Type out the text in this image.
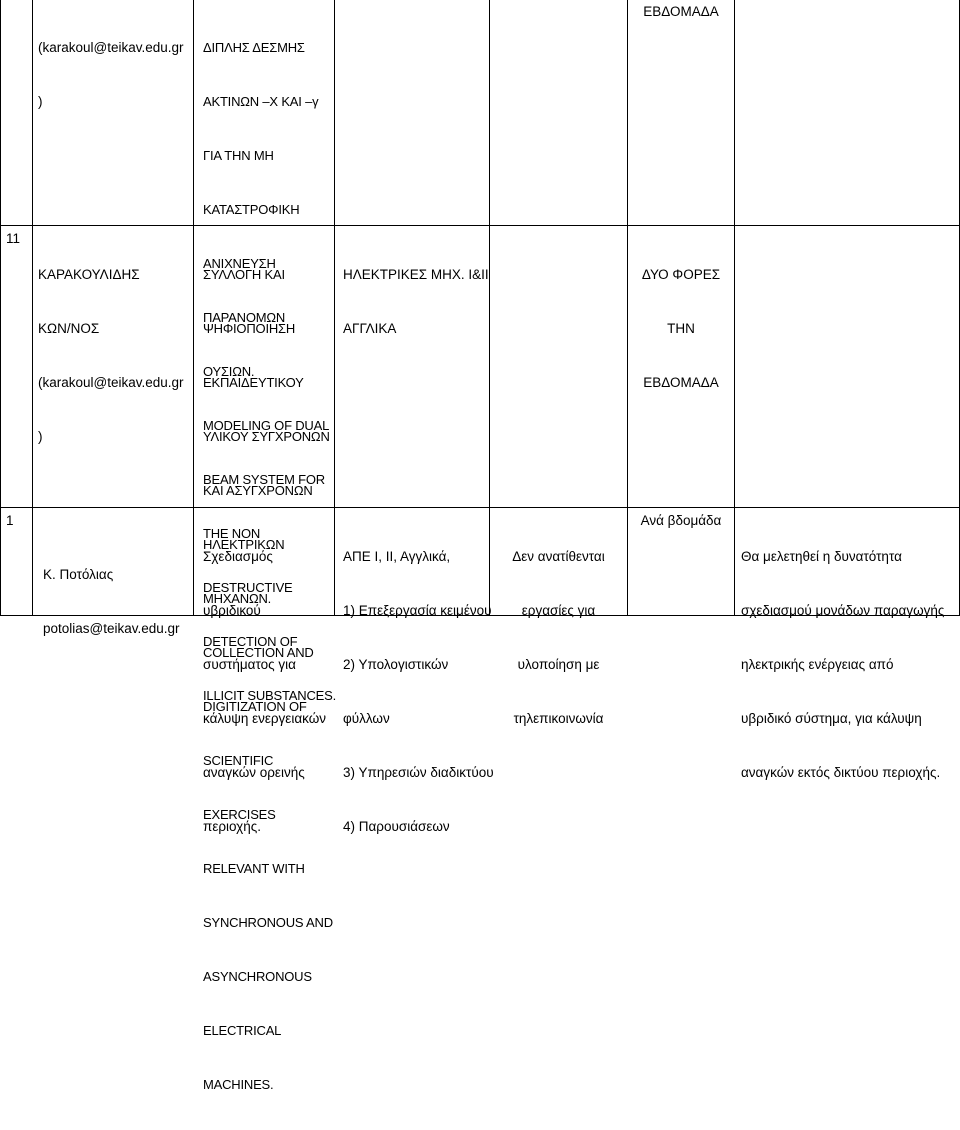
(karakoul@teikav.edu.gr

)

ΔΙΠΛΗΣ ΔΕΣΜΗΣ

ΑΚΤΙΝΩΝ –Χ ΚΑΙ –γ

ΓΙΑ ΤΗΝ ΜΗ

ΚΑΤΑΣΤΡΟΦΙΚΗ

ΑΝΙΧΝΕΥΣΗ

ΠΑΡΑΝΟΜΩΝ

ΟΥΣΙΩΝ.

MODELING OF DUAL

BEAM SYSTEM FOR

THE NON

DESTRUCTIVE

DETECTION OF

ILLICIT SUBSTANCES.

ΕΒΔΟΜΑΔΑ
11

ΚΑΡΑΚΟΥΛΙΔΗΣ

ΚΩΝ/ΝΟΣ

(karakoul@teikav.edu.gr

)

ΣΥΛΛΟΓΗ ΚΑΙ

ΨΗΦΙΟΠΟΙΗΣΗ

ΕΚΠΑΙΔΕΥΤΙΚΟΥ

ΥΛΙΚΟΥ ΣΥΓΧΡΟΝΩΝ

ΚΑΙ ΑΣΥΓΧΡΟΝΩΝ

ΗΛΕΚΤΡΙΚΩΝ

ΜΗΧΑΝΩΝ.

COLLECTION AND

DIGITIZATION OF

SCIENTIFIC

EXERCISES

RELEVANT WITH

SYNCHRONOUS AND

ASYNCHRONOUS

ELECTRICAL

MACHINES.

ΗΛΕΚΤΡΙΚΕΣ ΜΗΧ. Ι&ΙΙ

ΑΓΓΛΙΚΑ

ΔΥΟ ΦΟΡΕΣ

ΤΗΝ

ΕΒΔΟΜΑΔΑ

1

Κ. Ποτόλιας

potolias@teikav.edu.gr

Σχεδιασμός

υβριδικού

συστήματος για

κάλυψη ενεργειακών

αναγκών ορεινής

περιοχής.

ΑΠΕ Ι, ΙΙ, Αγγλικά,

1) Επεξεργασία κειμένου

2) Υπολογιστικών

φύλλων

3) Υπηρεσιών διαδικτύου

4) Παρουσιάσεων

Δεν ανατίθενται

εργασίες για

υλοποίηση με

τηλεπικοινωνία

Ανά βδομάδα

Θα μελετηθεί η δυνατότητα

σχεδιασμού μονάδων παραγωγής

ηλεκτρικής ενέργειας από

υβριδικό σύστημα, για κάλυψη

αναγκών εκτός δικτύου περιοχής.
